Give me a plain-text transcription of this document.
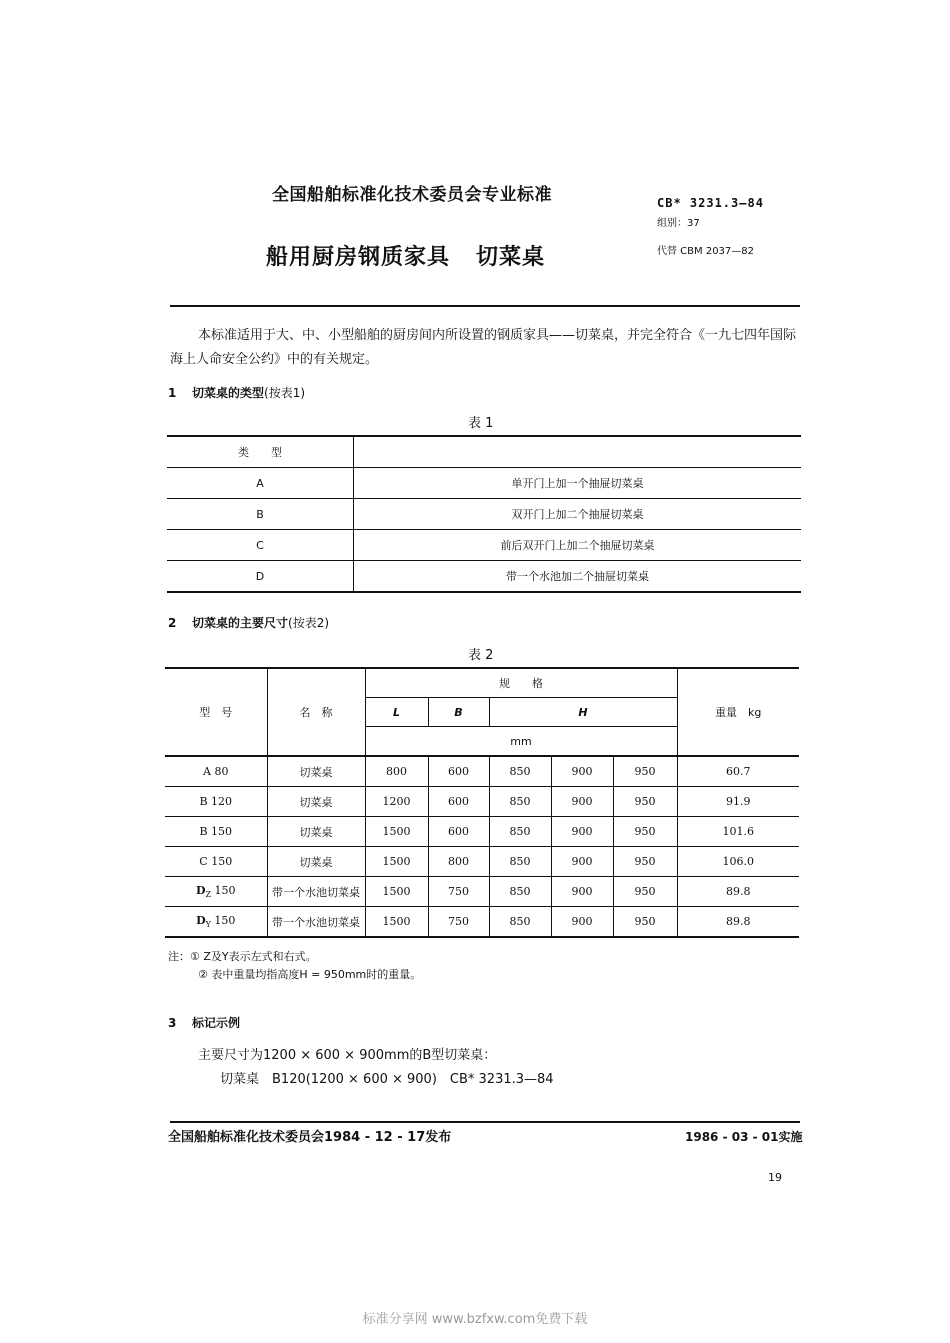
全国船舶标准化技术委员会专业标准
船用厨房钢质家具 切菜桌
CB* 3231.3—84
组别：37
代替 CBM 2037—82
本标准适用于大、中、小型船舶的厨房间内所设置的钢质家具——切菜桌，并完全符合《一九七四年国际海上人命安全公约》中的有关规定。
1 切菜桌的类型(按表1)
表 1
类　　型	
A	单开门上加一个抽屉切菜桌
B	双开门上加二个抽屉切菜桌
C	前后双开门上加二个抽屉切菜桌
D	带一个水池加二个抽屉切菜桌
2 切菜桌的主要尺寸(按表2)
表 2
型　号	名　称	规　　格					重量　kg
		L	B	H			
		mm					
A 80	切菜桌	800	600	850	900	950	60.7
B 120	切菜桌	1200	600	850	900	950	91.9
B 150	切菜桌	1500	600	850	900	950	101.6
C 150	切菜桌	1500	800	850	900	950	106.0
$D_Z$ 150	带一个水池切菜桌	1500	750	850	900	950	89.8
$D_Y$ 150	带一个水池切菜桌	1500	750	850	900	950	89.8
注：① Z及Y表示左式和右式。
② 表中重量均指高度H = 950mm时的重量。
3 标记示例
主要尺寸为1200 × 600 × 900mm的B型切菜桌：
切菜桌　B120(1200 × 600 × 900)　CB* 3231.3—84
全国船舶标准化技术委员会1984 - 12 - 17发布	1986 - 03 - 01实施
19
标准分享网 www.bzfxw.com免费下载
